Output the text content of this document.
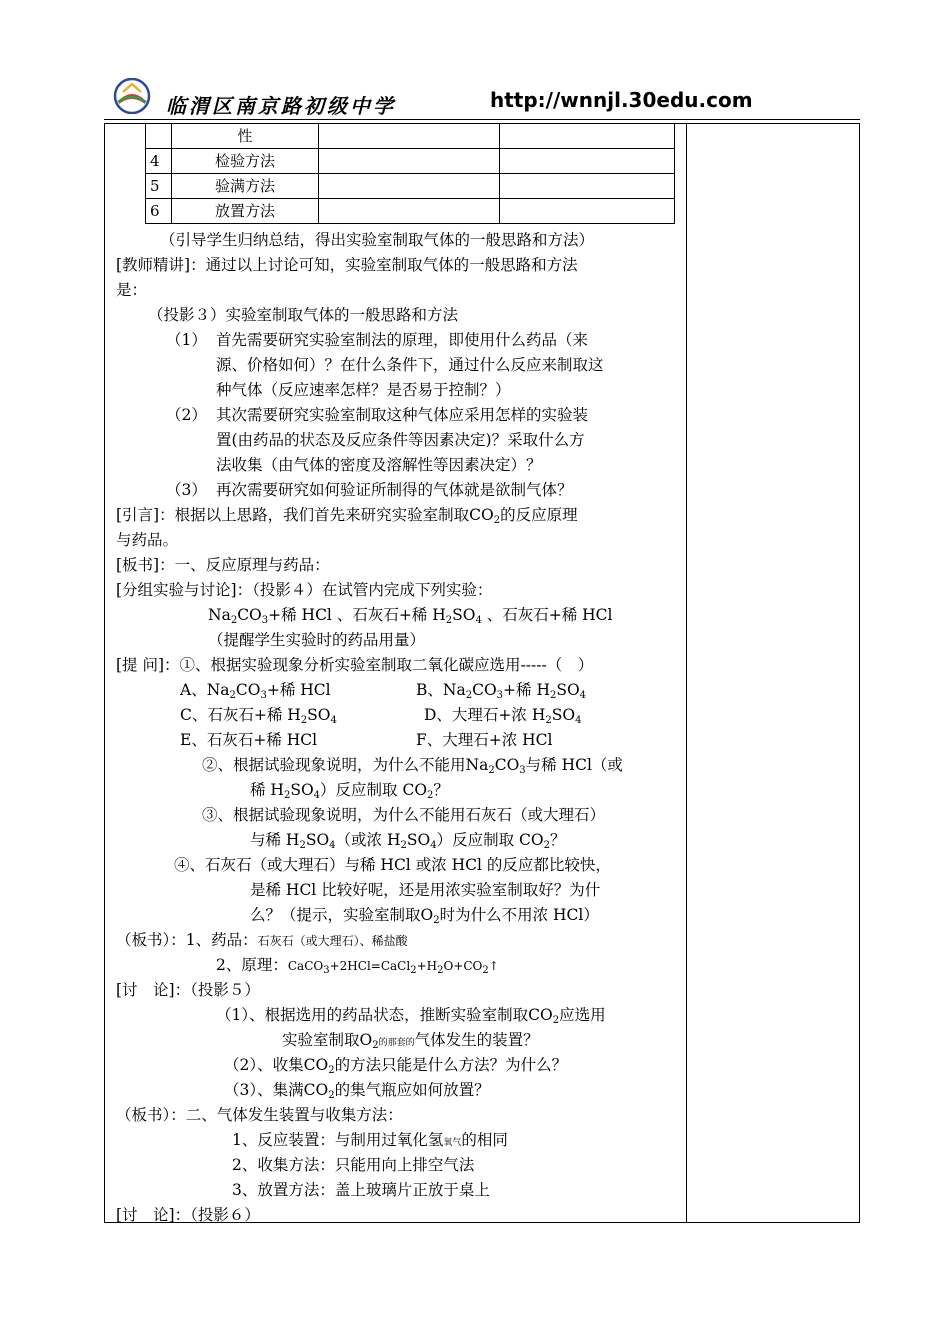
临渭区南京路初级中学	http://wnnjl.30edu.com
	性		
4	检验方法		
5	验满方法		
6	放置方法		
（引导学生归纳总结，得出实验室制取气体的一般思路和方法）
[教师精讲]：通过以上讨论可知，实验室制取气体的一般思路和方法
是：
（投影３）实验室制取气体的一般思路和方法
（1） 首先需要研究实验室制法的原理，即使用什么药品（来
源、价格如何）？在什么条件下，通过什么反应来制取这
种气体（反应速率怎样？是否易于控制？）
（2） 其次需要研究实验室制取这种气体应采用怎样的实验装
置(由药品的状态及反应条件等因素决定)？采取什么方
法收集（由气体的密度及溶解性等因素决定）？
（3） 再次需要研究如何验证所制得的气体就是欲制气体？
[引言]：根据以上思路，我们首先来研究实验室制取$CO_2$的反应原理
与药品。
[板书]：一、反应原理与药品：
[分组实验与讨论]：（投影４）在试管内完成下列实验：
$Na_2CO_3+$稀 HCl 、石灰石+稀 $H_2SO_4$ 、石灰石+稀 HCl
（提醒学生实验时的药品用量）
[提 问]：①、根据实验现象分析实验室制取二氧化碳应选用-----（　）
A、$Na_2CO_3+$稀 HCl	B、$Na_2CO_3+$稀 $H_2SO_4$
C、石灰石+稀 $H_2SO_4$	D、大理石+浓 $H_2SO_4$
E、石灰石+稀 HCl	F、大理石+浓 HCl
②、根据试验现象说明，为什么不能用$Na_2CO_3$与稀 HCl（或
稀 $H_2SO_4$）反应制取 $CO_2$？
③、根据试验现象说明，为什么不能用石灰石（或大理石）
与稀 $H_2SO_4$（或浓 $H_2SO_4$）反应制取 $CO_2$？
④、石灰石（或大理石）与稀 HCl 或浓 HCl 的反应都比较快，
是稀 HCl 比较好呢，还是用浓实验室制取好？为什
么？（提示，实验室制取$O_2$时为什么不用浓 HCl）
（板书）：1、药品：石灰石（或大理石）、稀盐酸
2、原理：$CaCO_3+2HCl=CaCl_2+H_2O+CO_2↑$
[讨　论]：（投影５）
（1）、根据选用的药品状态，推断实验室制取$CO_2$应选用
实验室制取$O_2$的那套的气体发生的装置？
（2）、收集$CO_2$的方法只能是什么方法？为什么？
（3）、集满$CO_2$的集气瓶应如何放置？
（板书）：二、气体发生装置与收集方法：
1、反应装置：与制用过氧化氢氧气的相同
2、收集方法：只能用向上排空气法
3、放置方法：盖上玻璃片正放于桌上
[讨　论]：（投影６）
